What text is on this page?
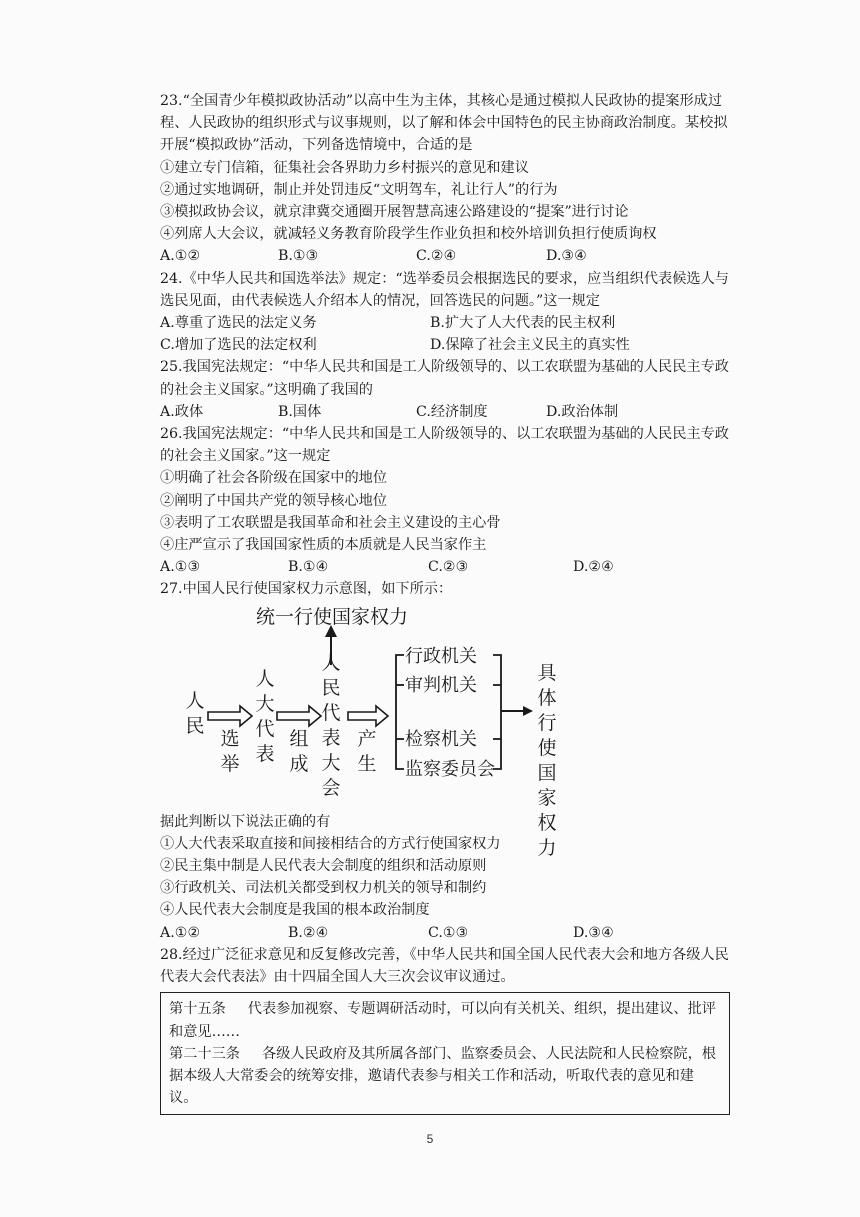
23.“全国青少年模拟政协活动”以高中生为主体，其核心是通过模拟人民政协的提案形成过程、人民政协的组织形式与议事规则，以了解和体会中国特色的民主协商政治制度。某校拟开展“模拟政协”活动，下列备选情境中，合适的是
①建立专门信箱，征集社会各界助力乡村振兴的意见和建议
②通过实地调研，制止并处罚违反“文明驾车，礼让行人”的行为
③模拟政协会议，就京津冀交通圈开展智慧高速公路建设的“提案”进行讨论
④列席人大会议，就减轻义务教育阶段学生作业负担和校外培训负担行使质询权
A.①②	B.①③	C.②④	D.③④
24.《中华人民共和国选举法》规定：“选举委员会根据选民的要求，应当组织代表候选人与选民见面，由代表候选人介绍本人的情况，回答选民的问题。”这一规定
A.尊重了选民的法定义务	B.扩大了人大代表的民主权利
C.增加了选民的法定权利	D.保障了社会主义民主的真实性
25.我国宪法规定：“中华人民共和国是工人阶级领导的、以工农联盟为基础的人民民主专政的社会主义国家。”这明确了我国的
A.政体	B.国体	C.经济制度	D.政治体制
26.我国宪法规定：“中华人民共和国是工人阶级领导的、以工农联盟为基础的人民民主专政的社会主义国家。”这一规定
①明确了社会各阶级在国家中的地位
②阐明了中国共产党的领导核心地位
③表明了工农联盟是我国革命和社会主义建设的主心骨
④庄严宣示了我国国家性质的本质就是人民当家作主
A.①③	B.①④	C.②③	D.②④
27.中国人民行使国家权力示意图，如下所示：
统一行使国家权力
人民
选举
人大代表
组成
人民代表大会
产生
行政机关
审判机关
检察机关
监察委员会
具体行使国家权力
据此判断以下说法正确的有
①人大代表采取直接和间接相结合的方式行使国家权力
②民主集中制是人民代表大会制度的组织和活动原则
③行政机关、司法机关都受到权力机关的领导和制约
④人民代表大会制度是我国的根本政治制度
A.①②	B.②④	C.①③	D.③④
28.经过广泛征求意见和反复修改完善，《中华人民共和国全国人民代表大会和地方各级人民代表大会代表法》由十四届全国人大三次会议审议通过。

第十五条 代表参加视察、专题调研活动时，可以向有关机关、组织，提出建议、批评和意见……

第二十三条 各级人民政府及其所属各部门、监察委员会、人民法院和人民检察院，根据本级人大常委会的统筹安排，邀请代表参与相关工作和活动，听取代表的意见和建议。

5
